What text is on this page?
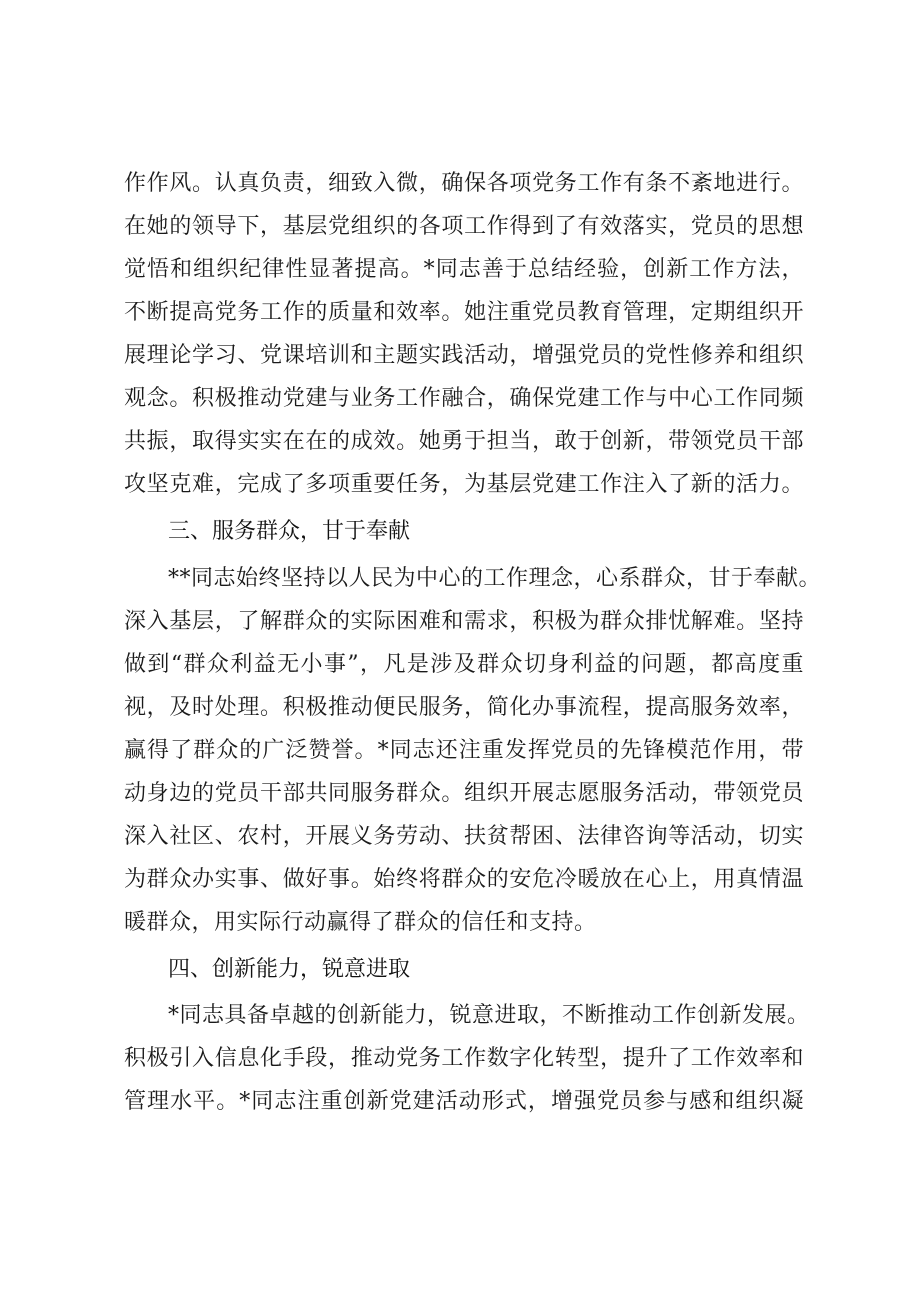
作作风。认真负责，细致入微，确保各项党务工作有条不紊地进行。
在她的领导下，基层党组织的各项工作得到了有效落实，党员的思想
觉悟和组织纪律性显著提高。*同志善于总结经验，创新工作方法，
不断提高党务工作的质量和效率。她注重党员教育管理，定期组织开
展理论学习、党课培训和主题实践活动，增强党员的党性修养和组织
观念。积极推动党建与业务工作融合，确保党建工作与中心工作同频
共振，取得实实在在的成效。她勇于担当，敢于创新，带领党员干部
攻坚克难，完成了多项重要任务，为基层党建工作注入了新的活力。
三、服务群众，甘于奉献
**同志始终坚持以人民为中心的工作理念，心系群众，甘于奉献。
深入基层，了解群众的实际困难和需求，积极为群众排忧解难。坚持
做到“群众利益无小事”，凡是涉及群众切身利益的问题，都高度重
视，及时处理。积极推动便民服务，简化办事流程，提高服务效率，
赢得了群众的广泛赞誉。*同志还注重发挥党员的先锋模范作用，带
动身边的党员干部共同服务群众。组织开展志愿服务活动，带领党员
深入社区、农村，开展义务劳动、扶贫帮困、法律咨询等活动，切实
为群众办实事、做好事。始终将群众的安危冷暖放在心上，用真情温
暖群众，用实际行动赢得了群众的信任和支持。
四、创新能力，锐意进取
*同志具备卓越的创新能力，锐意进取，不断推动工作创新发展。
积极引入信息化手段，推动党务工作数字化转型，提升了工作效率和
管理水平。*同志注重创新党建活动形式，增强党员参与感和组织凝
